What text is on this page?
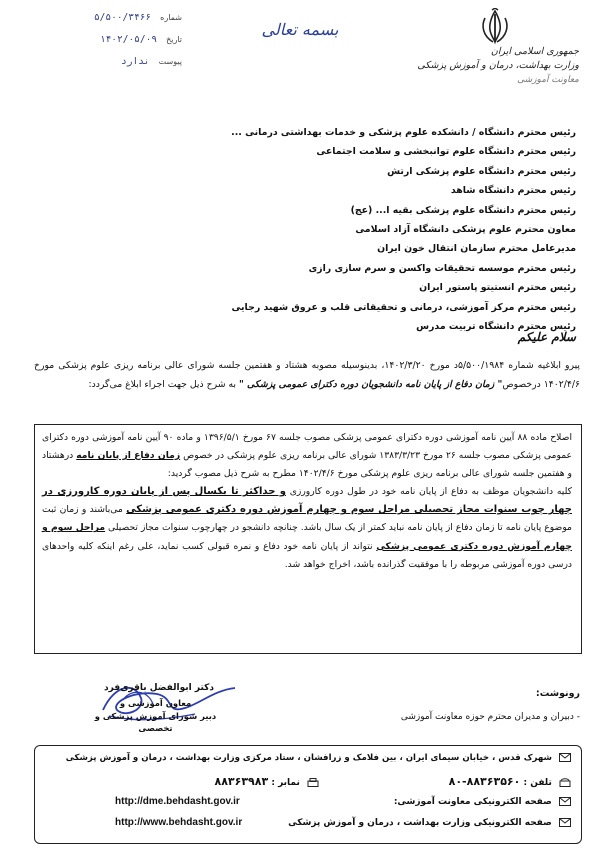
شماره ۵/۵۰۰/۳۴۶۶
تاریخ ۱۴۰۲/۰۵/۰۹
پیوست ندارد
بسمه تعالی
جمهوری اسلامی ایران
وزارت بهداشت، درمان و آموزش پزشکی
معاونت آموزشی
رئیس محترم دانشگاه / دانشکده علوم پزشکی و خدمات بهداشتی درمانی ...
رئیس محترم دانشگاه علوم توانبخشی و سلامت اجتماعی
رئیس محترم دانشگاه علوم پزشکی ارتش
رئیس محترم دانشگاه شاهد
رئیس محترم دانشگاه علوم پزشکی بقیه ا... (عج)
معاون محترم علوم پزشکی دانشگاه آزاد اسلامی
مدیرعامل محترم سازمان انتقال خون ایران
رئیس محترم موسسه تحقیقات واکسن و سرم سازی رازی
رئیس محترم انستیتو پاستور ایران
رئیس محترم مرکز آموزشی، درمانی و تحقیقاتی قلب و عروق شهید رجایی
رئیس محترم دانشگاه تربیت مدرس
سلام علیکم
پیرو ابلاغیه شماره ۵/۵۰۰/۱۹۸۴د مورخ ۱۴۰۲/۳/۲۰، بدینوسیله مصوبه هشتاد و هفتمین جلسه شورای عالی برنامه ریزی علوم پزشکی مورخ ۱۴۰۲/۴/۶ درخصوص" زمان دفاع از پایان نامه دانشجویان دوره دکترای عمومی پزشکی " به شرح ذیل جهت اجراء ابلاغ می‌گردد:
اصلاح ماده ۸۸ آیین نامه آموزشی دوره دکترای عمومی پزشکی مصوب جلسه ۶۷ مورخ ۱۳۹۶/۵/۱ و ماده ۹۰ آیین نامه آموزشی دوره دکترای عمومی پزشکی مصوب جلسه ۲۶ مورخ ۱۳۸۳/۳/۲۳ شورای عالی برنامه ریزی علوم پزشکی در خصوص زمان دفاع از پایان نامه درهشتاد و هفتمین جلسه شورای عالی برنامه ریزی علوم پزشکی مورخ ۱۴۰۲/۴/۶ مطرح به شرح ذیل مصوب گردید:
کلیه دانشجویان موظف به دفاع از پایان نامه خود در طول دوره کارورزی و حداکثر تا یکسال پس از پایان دوره کارورزی در چهار چوب سنوات مجاز تحصیلی مراحل سوم و چهارم آموزش دوره دکتری عمومی پزشکی می‌باشند و زمان ثبت موضوع پایان نامه تا زمان دفاع از پایان نامه نباید کمتر از یک سال باشد. چنانچه دانشجو در چهارچوب سنوات مجاز تحصیلی مراحل سوم و چهارم آموزش دوره دکتری عمومی پزشکی نتواند از پایان نامه خود دفاع و نمره قبولی کسب نماید، علی رغم اینکه کلیه واحدهای درسی دوره آموزشی مربوطه را با موفقیت گذرانده باشد، اخراج خواهد شد.
دکتر ابوالفضل باقری‌فرد
معاون آموزشی و
دبیر شورای آموزش پزشکی و تخصصی
رونوشت:
- دبیران و مدیران محترم حوزه معاونت آموزشی
شهرک قدس ، خیابان سیمای ایران ، بین فلامک و زرافشان ، ستاد مرکزی وزارت بهداشت ، درمان و آموزش پزشکی
تلفن : ۸۸۳۶۳۵۶۰-۸۰
نمابر : ۸۸۳۶۳۹۸۳
صفحه الکترونیکی معاونت آموزشی:
http://dme.behdasht.gov.ir
صفحه الکترونیکی وزارت بهداشت ، درمان و آموزش پزشکی
http://www.behdasht.gov.ir
